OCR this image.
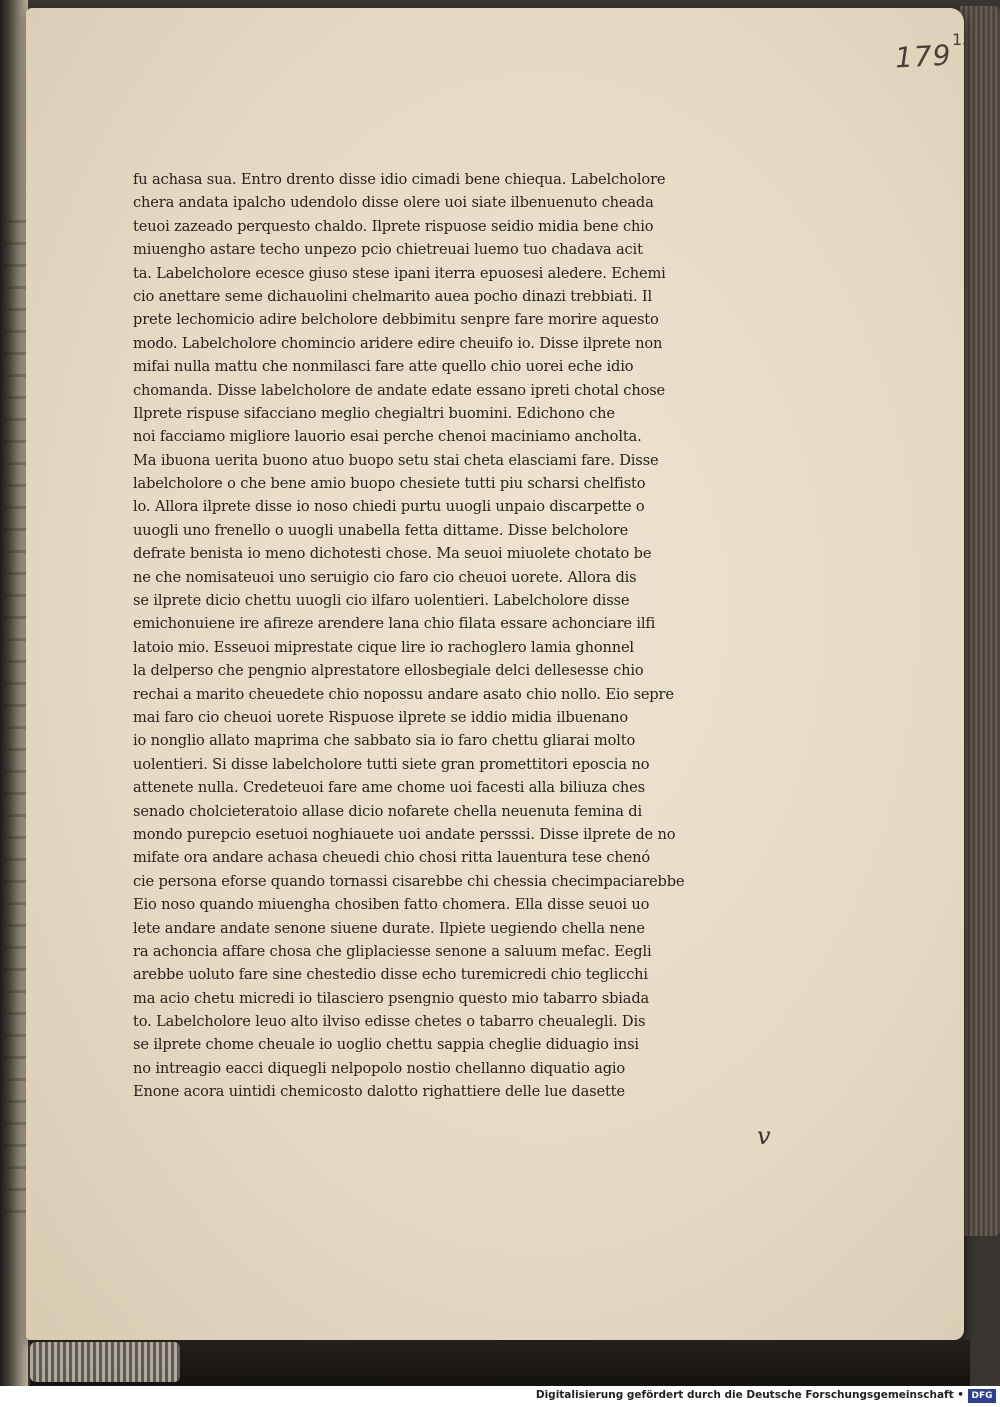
179 13
fu achasa sua. Entro drento disse idio cimadi bene chiequa. Labelcholore
chera andata ipalcho udendolo disse olere uoi siate ilbenuenuto cheada
teuoi zazeado perquesto chaldo. Ilprete rispuose seidio midia bene chio
miuengho astare techo unpezo pcio chietreuai luemo tuo chadava acit
ta. Labelcholore ecesce giuso stese ipani iterra epuosesi aledere. Echemi
cio anettare seme dichauolini chelmarito auea pocho dinazi trebbiati. Il
prete lechomicio adire belcholore debbimitu senpre fare morire aquesto
modo. Labelcholore chomincio aridere edire cheuifo io. Disse ilprete non
mifai nulla mattu che nonmilasci fare atte quello chio uorei eche idio
chomanda. Disse labelcholore de andate edate essano ipreti chotal chose
Ilprete rispuse sifacciano meglio chegialtri buomini. Edichono che
noi facciamo migliore lauorio esai perche chenoi maciniamo ancholta.
Ma ibuona uerita buono atuo buopo setu stai cheta elasciami fare. Disse
labelcholore o che bene amio buopo chesiete tutti piu scharsi chelfisto
lo. Allora ilprete disse io noso chiedi purtu uuogli unpaio discarpette o
uuogli uno frenello o uuogli unabella fetta dittame. Disse belcholore
defrate benista io meno dichotesti chose. Ma seuoi miuolete chotato be
ne che nomisateuoi uno seruigio cio faro cio cheuoi uorete. Allora dis
se ilprete dicio chettu uuogli cio ilfaro uolentieri. Labelcholore disse
emichonuiene ire afireze arendere lana chio filata essare achonciare ilfi
latoio mio. Esseuoi miprestate cique lire io rachoglero lamia ghonnel
la delperso che pengnio alprestatore ellosbegiale delci dellesesse chio
rechai a marito cheuedete chio nopossu andare asato chio nollo. Eio sepre
mai faro cio cheuoi uorete Rispuose ilprete se iddio midia ilbuenano
io nonglio allato maprima che sabbato sia io faro chettu gliarai molto
uolentieri. Si disse labelcholore tutti siete gran promettitori eposcia no
attenete nulla. Credeteuoi fare ame chome uoi facesti alla biliuza ches
senado cholcieteratoio allase dicio nofarete chella neuenuta femina di
mondo purepcio esetuoi noghiauete uoi andate persssi. Disse ilprete de no
mifate ora andare achasa cheuedi chio chosi ritta lauentura tese chenó
cie persona eforse quando tornassi cisarebbe chi chessia checimpaciarebbe
Eio noso quando miuengha chosiben fatto chomera. Ella disse seuoi uo
lete andare andate senone siuene durate. Ilpiete uegiendo chella nene
ra achoncia affare chosa che gliplaciesse senone a saluum mefac. Eegli
arebbe uoluto fare sine chestedio disse echo turemicredi chio teglicchi
ma acio chetu micredi io tilasciero psengnio questo mio tabarro sbiada
to. Labelcholore leuo alto ilviso edisse chetes o tabarro cheualegli. Dis
se ilprete chome cheuale io uoglio chettu sappia cheglie diduagio insi
no intreagio eacci diquegli nelpopolo nostio chellanno diquatio agio
Enone acora uintidi chemicosto dalotto righattiere delle lue dasette
v
Digitalisierung gefördert durch die Deutsche Forschungsgemeinschaft • DFG
